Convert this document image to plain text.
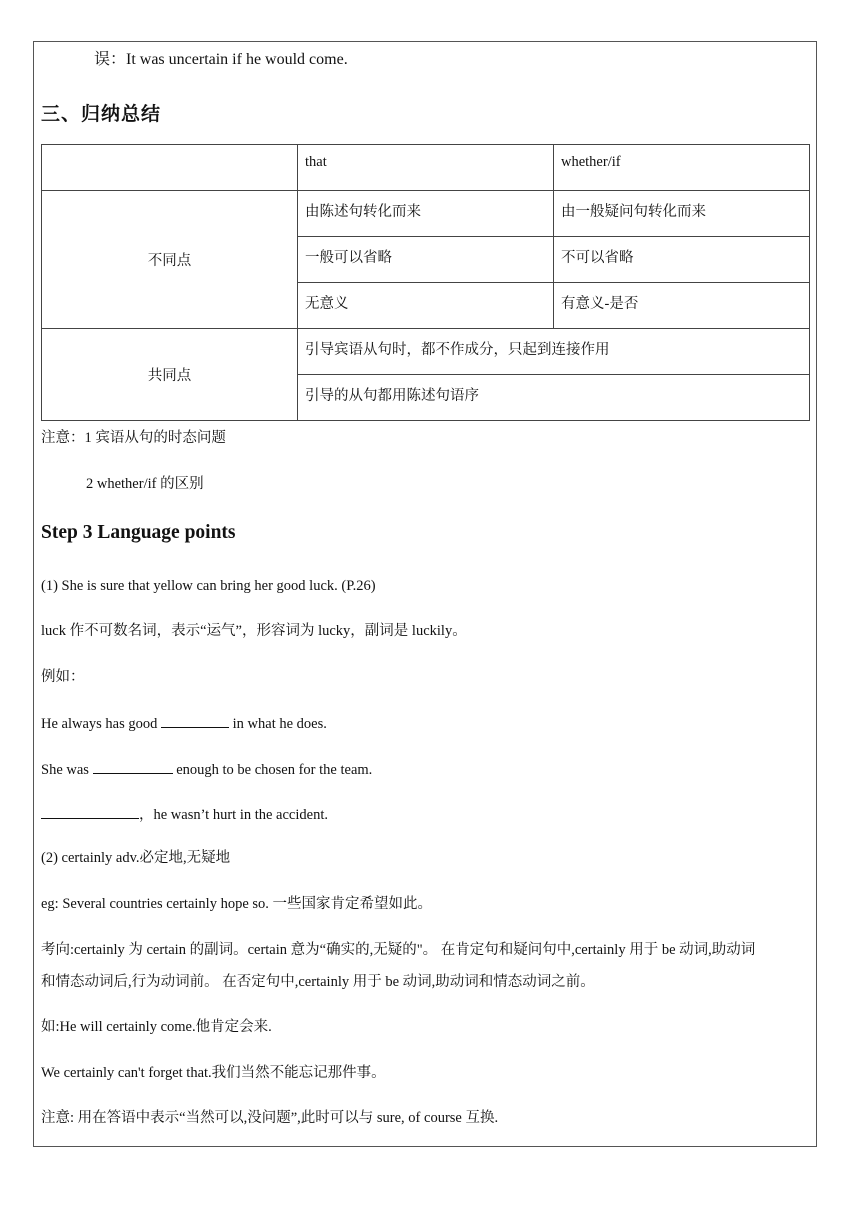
误：It was uncertain if he would come.
三、归纳总结
	that	whether/if
不同点	由陈述句转化而来	由一般疑问句转化而来
	一般可以省略	不可以省略
	无意义	有意义-是否
共同点	引导宾语从句时，都不作成分，只起到连接作用	
	引导的从句都用陈述句语序	
注意：1 宾语从句的时态问题
2 whether/if 的区别
Step 3 Language points
(1) She is sure that yellow can bring her good luck. (P.26)
luck 作不可数名词，表示“运气”，形容词为 lucky，副词是 luckily。
例如：
He always has good	in what he does.
She was	enough to be chosen for the team.
，he wasn’t hurt in the accident.
(2) certainly adv.必定地,无疑地
eg: Several countries certainly hope so. 一些国家肯定希望如此。
考向:certainly 为 certain 的副词。certain 意为“确实的,无疑的"。 在肯定句和疑问句中,certainly 用于 be 动词,助动词
和情态动词后,行为动词前。 在否定句中,certainly 用于 be 动词,助动词和情态动词之前。
如:He will certainly come.他肯定会来.
We certainly can't forget that.我们当然不能忘记那件事。
注意: 用在答语中表示“当然可以,没问题”,此时可以与 sure, of course 互换.
